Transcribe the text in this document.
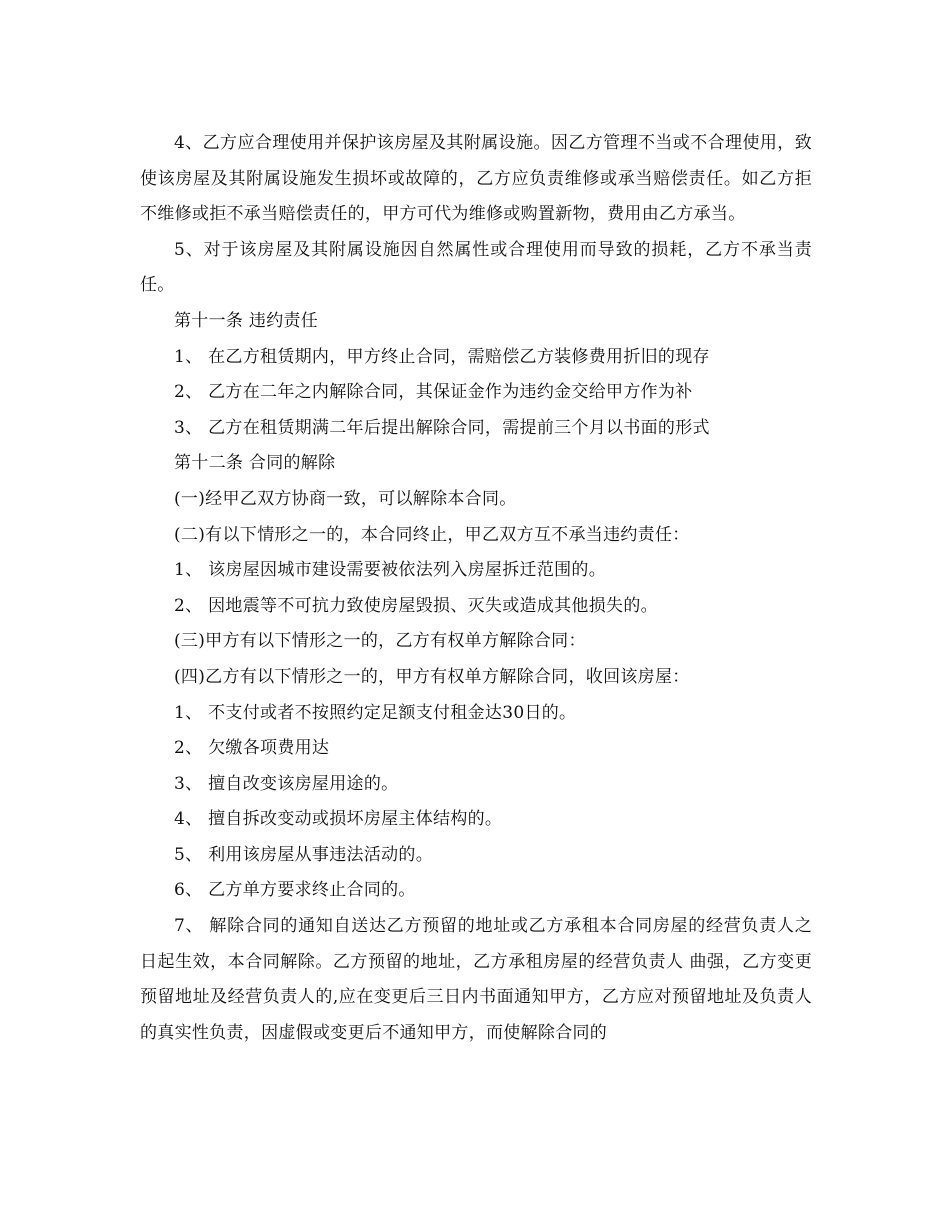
4、乙方应合理使用并保护该房屋及其附属设施。因乙方管理不当或不合理使用，致使该房屋及其附属设施发生损坏或故障的，乙方应负责维修或承当赔偿责任。如乙方拒不维修或拒不承当赔偿责任的，甲方可代为维修或购置新物，费用由乙方承当。

5、对于该房屋及其附属设施因自然属性或合理使用而导致的损耗，乙方不承当责任。

第十一条 违约责任

1、 在乙方租赁期内，甲方终止合同，需赔偿乙方装修费用折旧的现存

2、 乙方在二年之内解除合同，其保证金作为违约金交给甲方作为补

3、 乙方在租赁期满二年后提出解除合同，需提前三个月以书面的形式

第十二条 合同的解除

(一)经甲乙双方协商一致，可以解除本合同。

(二)有以下情形之一的，本合同终止，甲乙双方互不承当违约责任：

1、 该房屋因城市建设需要被依法列入房屋拆迁范围的。

2、 因地震等不可抗力致使房屋毁损、灭失或造成其他损失的。

(三)甲方有以下情形之一的，乙方有权单方解除合同：

(四)乙方有以下情形之一的，甲方有权单方解除合同，收回该房屋：

1、 不支付或者不按照约定足额支付租金达30日的。

2、 欠缴各项费用达

3、 擅自改变该房屋用途的。

4、 擅自拆改变动或损坏房屋主体结构的。

5、 利用该房屋从事违法活动的。

6、 乙方单方要求终止合同的。

7、 解除合同的通知自送达乙方预留的地址或乙方承租本合同房屋的经营负责人之日起生效，本合同解除。乙方预留的地址，乙方承租房屋的经营负责人 曲强，乙方变更预留地址及经营负责人的,应在变更后三日内书面通知甲方，乙方应对预留地址及负责人的真实性负责，因虚假或变更后不通知甲方，而使解除合同的
